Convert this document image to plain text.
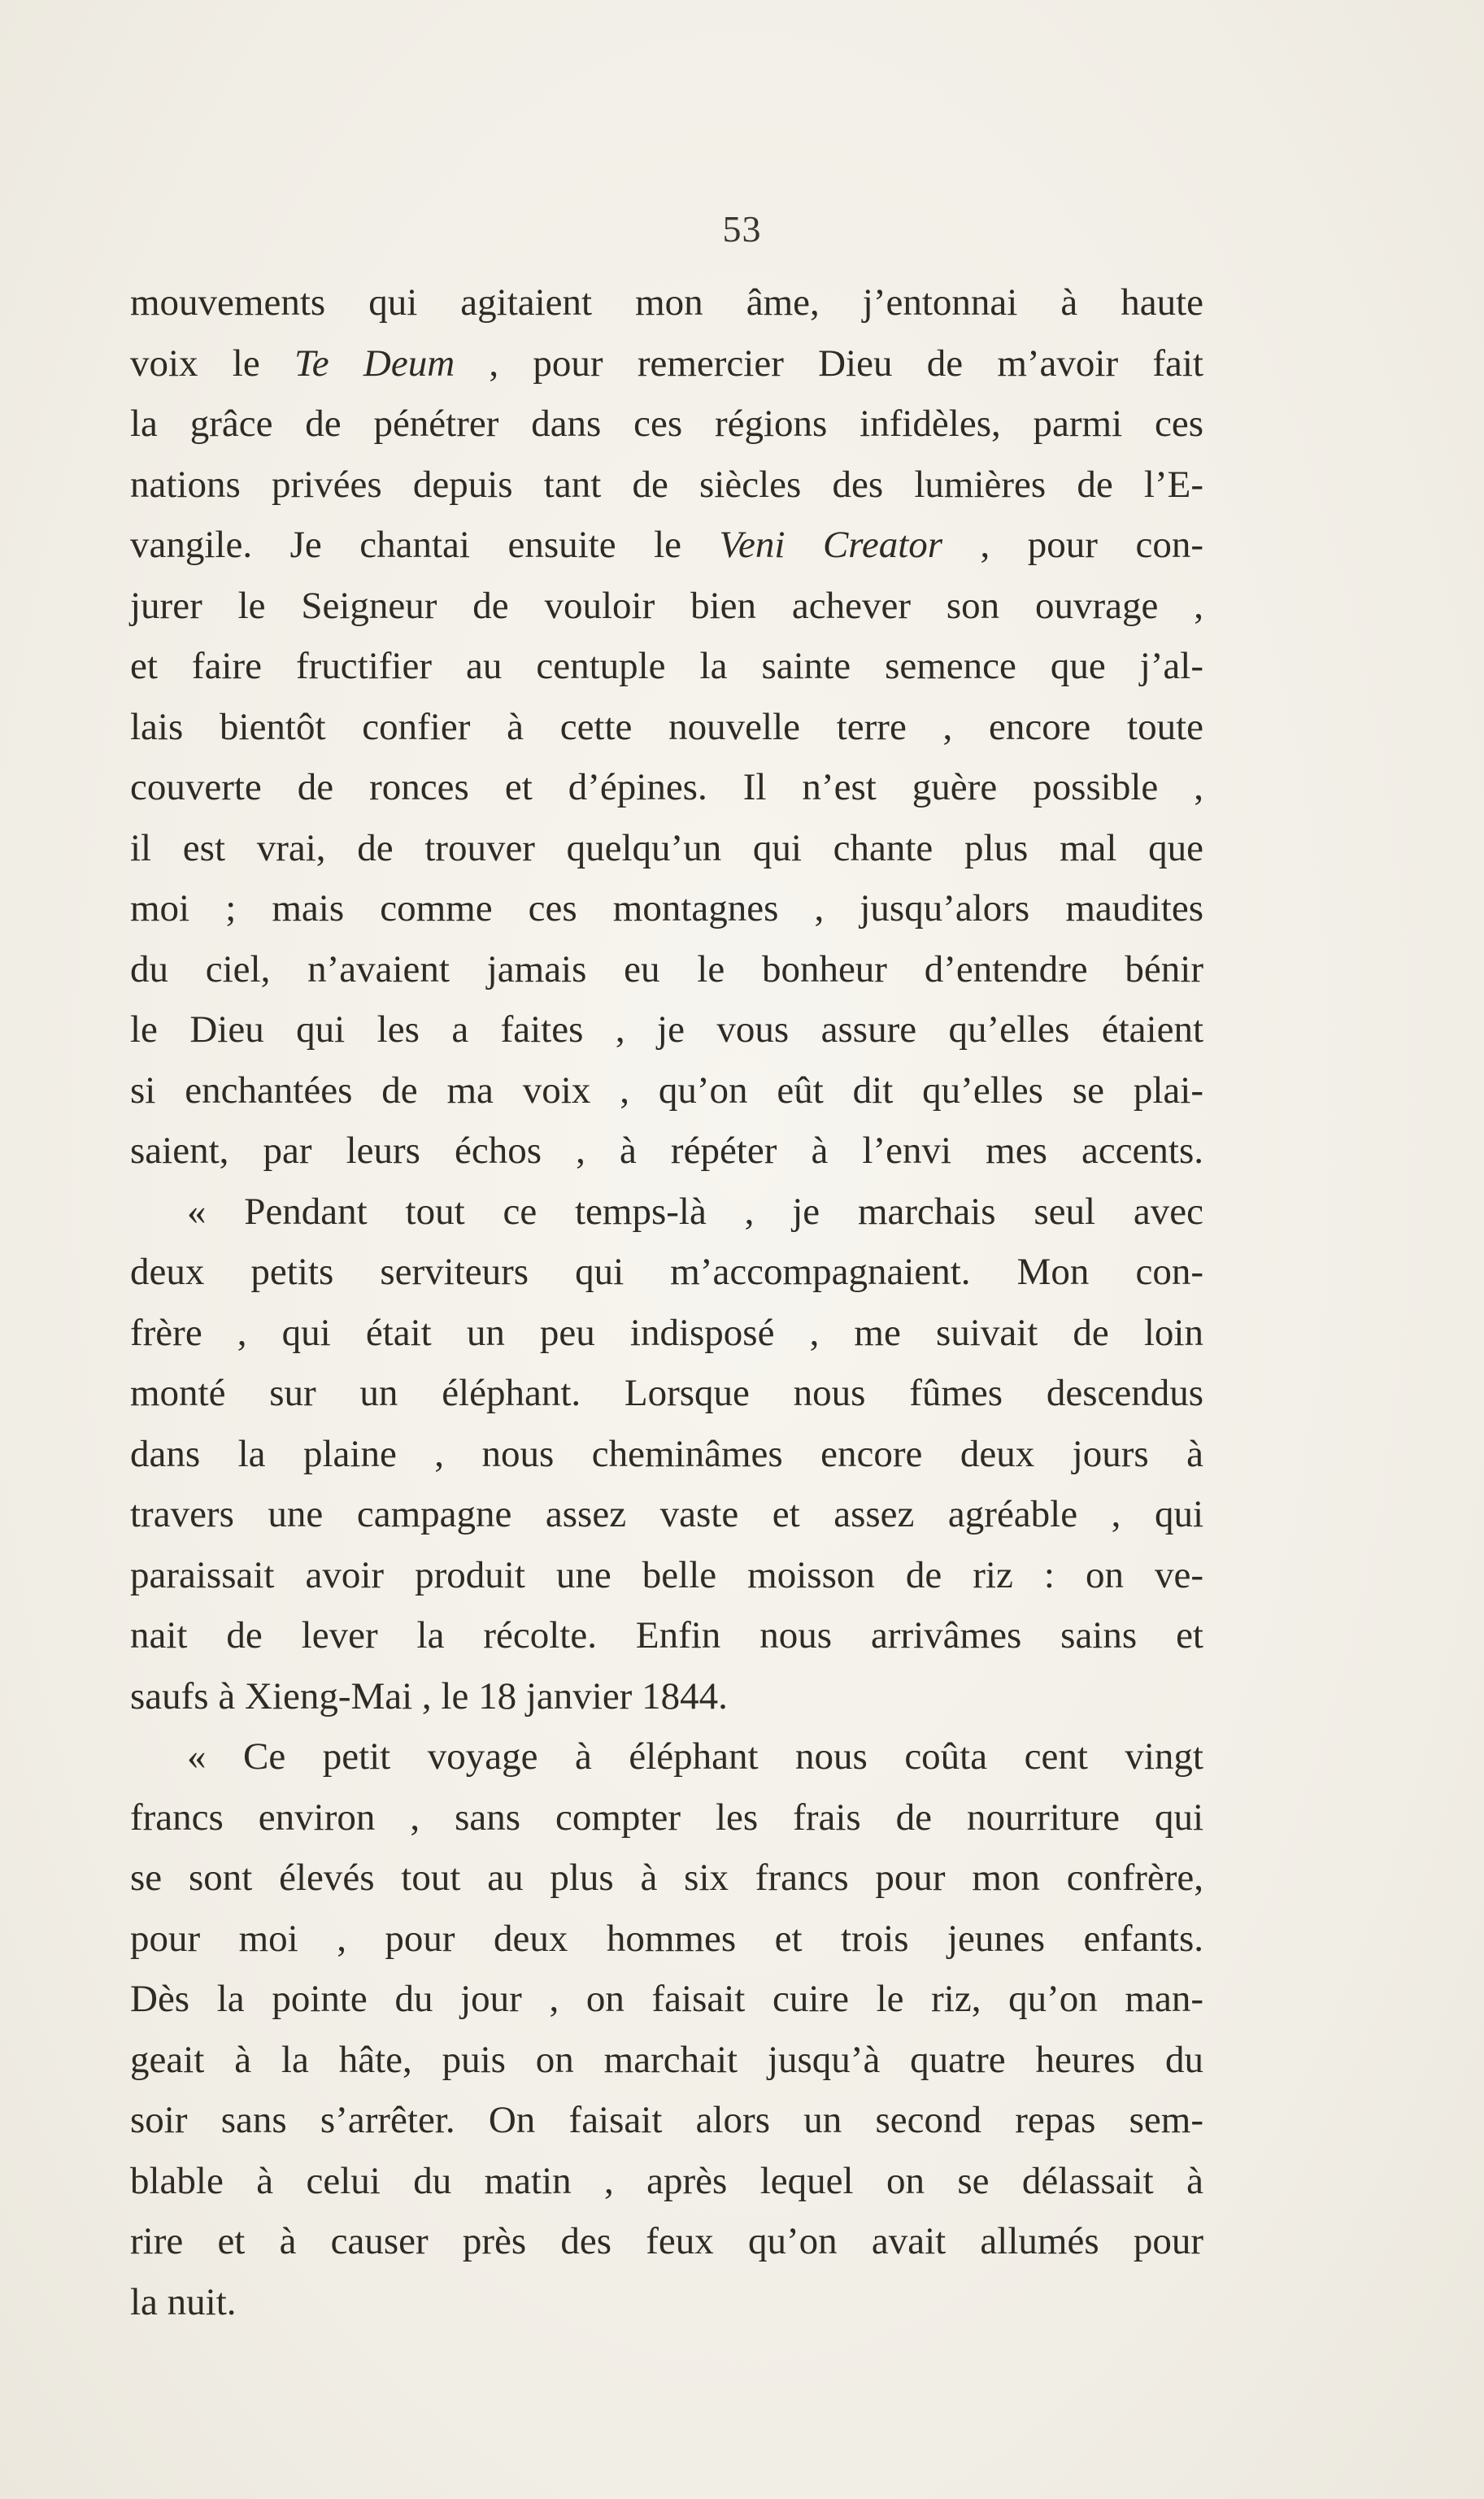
53
mouvements qui agitaient mon âme, j’entonnai à haute
voix le Te Deum , pour remercier Dieu de m’avoir fait
la grâce de pénétrer dans ces régions infidèles, parmi ces
nations privées depuis tant de siècles des lumières de l’E-
vangile. Je chantai ensuite le Veni Creator , pour con-
jurer le Seigneur de vouloir bien achever son ouvrage ,
et faire fructifier au centuple la sainte semence que j’al-
lais bientôt confier à cette nouvelle terre , encore toute
couverte de ronces et d’épines. Il n’est guère possible ,
il est vrai, de trouver quelqu’un qui chante plus mal que
moi ; mais comme ces montagnes , jusqu’alors maudites
du ciel, n’avaient jamais eu le bonheur d’entendre bénir
le Dieu qui les a faites , je vous assure qu’elles étaient
si enchantées de ma voix , qu’on eût dit qu’elles se plai-
saient, par leurs échos , à répéter à l’envi mes accents.
« Pendant tout ce temps-là , je marchais seul avec
deux petits serviteurs qui m’accompagnaient. Mon con-
frère , qui était un peu indisposé , me suivait de loin
monté sur un éléphant. Lorsque nous fûmes descendus
dans la plaine , nous cheminâmes encore deux jours à
travers une campagne assez vaste et assez agréable , qui
paraissait avoir produit une belle moisson de riz : on ve-
nait de lever la récolte. Enfin nous arrivâmes sains et
saufs à Xieng-Mai , le 18 janvier 1844.
« Ce petit voyage à éléphant nous coûta cent vingt
francs environ , sans compter les frais de nourriture qui
se sont élevés tout au plus à six francs pour mon confrère,
pour moi , pour deux hommes et trois jeunes enfants.
Dès la pointe du jour , on faisait cuire le riz, qu’on man-
geait à la hâte, puis on marchait jusqu’à quatre heures du
soir sans s’arrêter. On faisait alors un second repas sem-
blable à celui du matin , après lequel on se délassait à
rire et à causer près des feux qu’on avait allumés pour
la nuit.
